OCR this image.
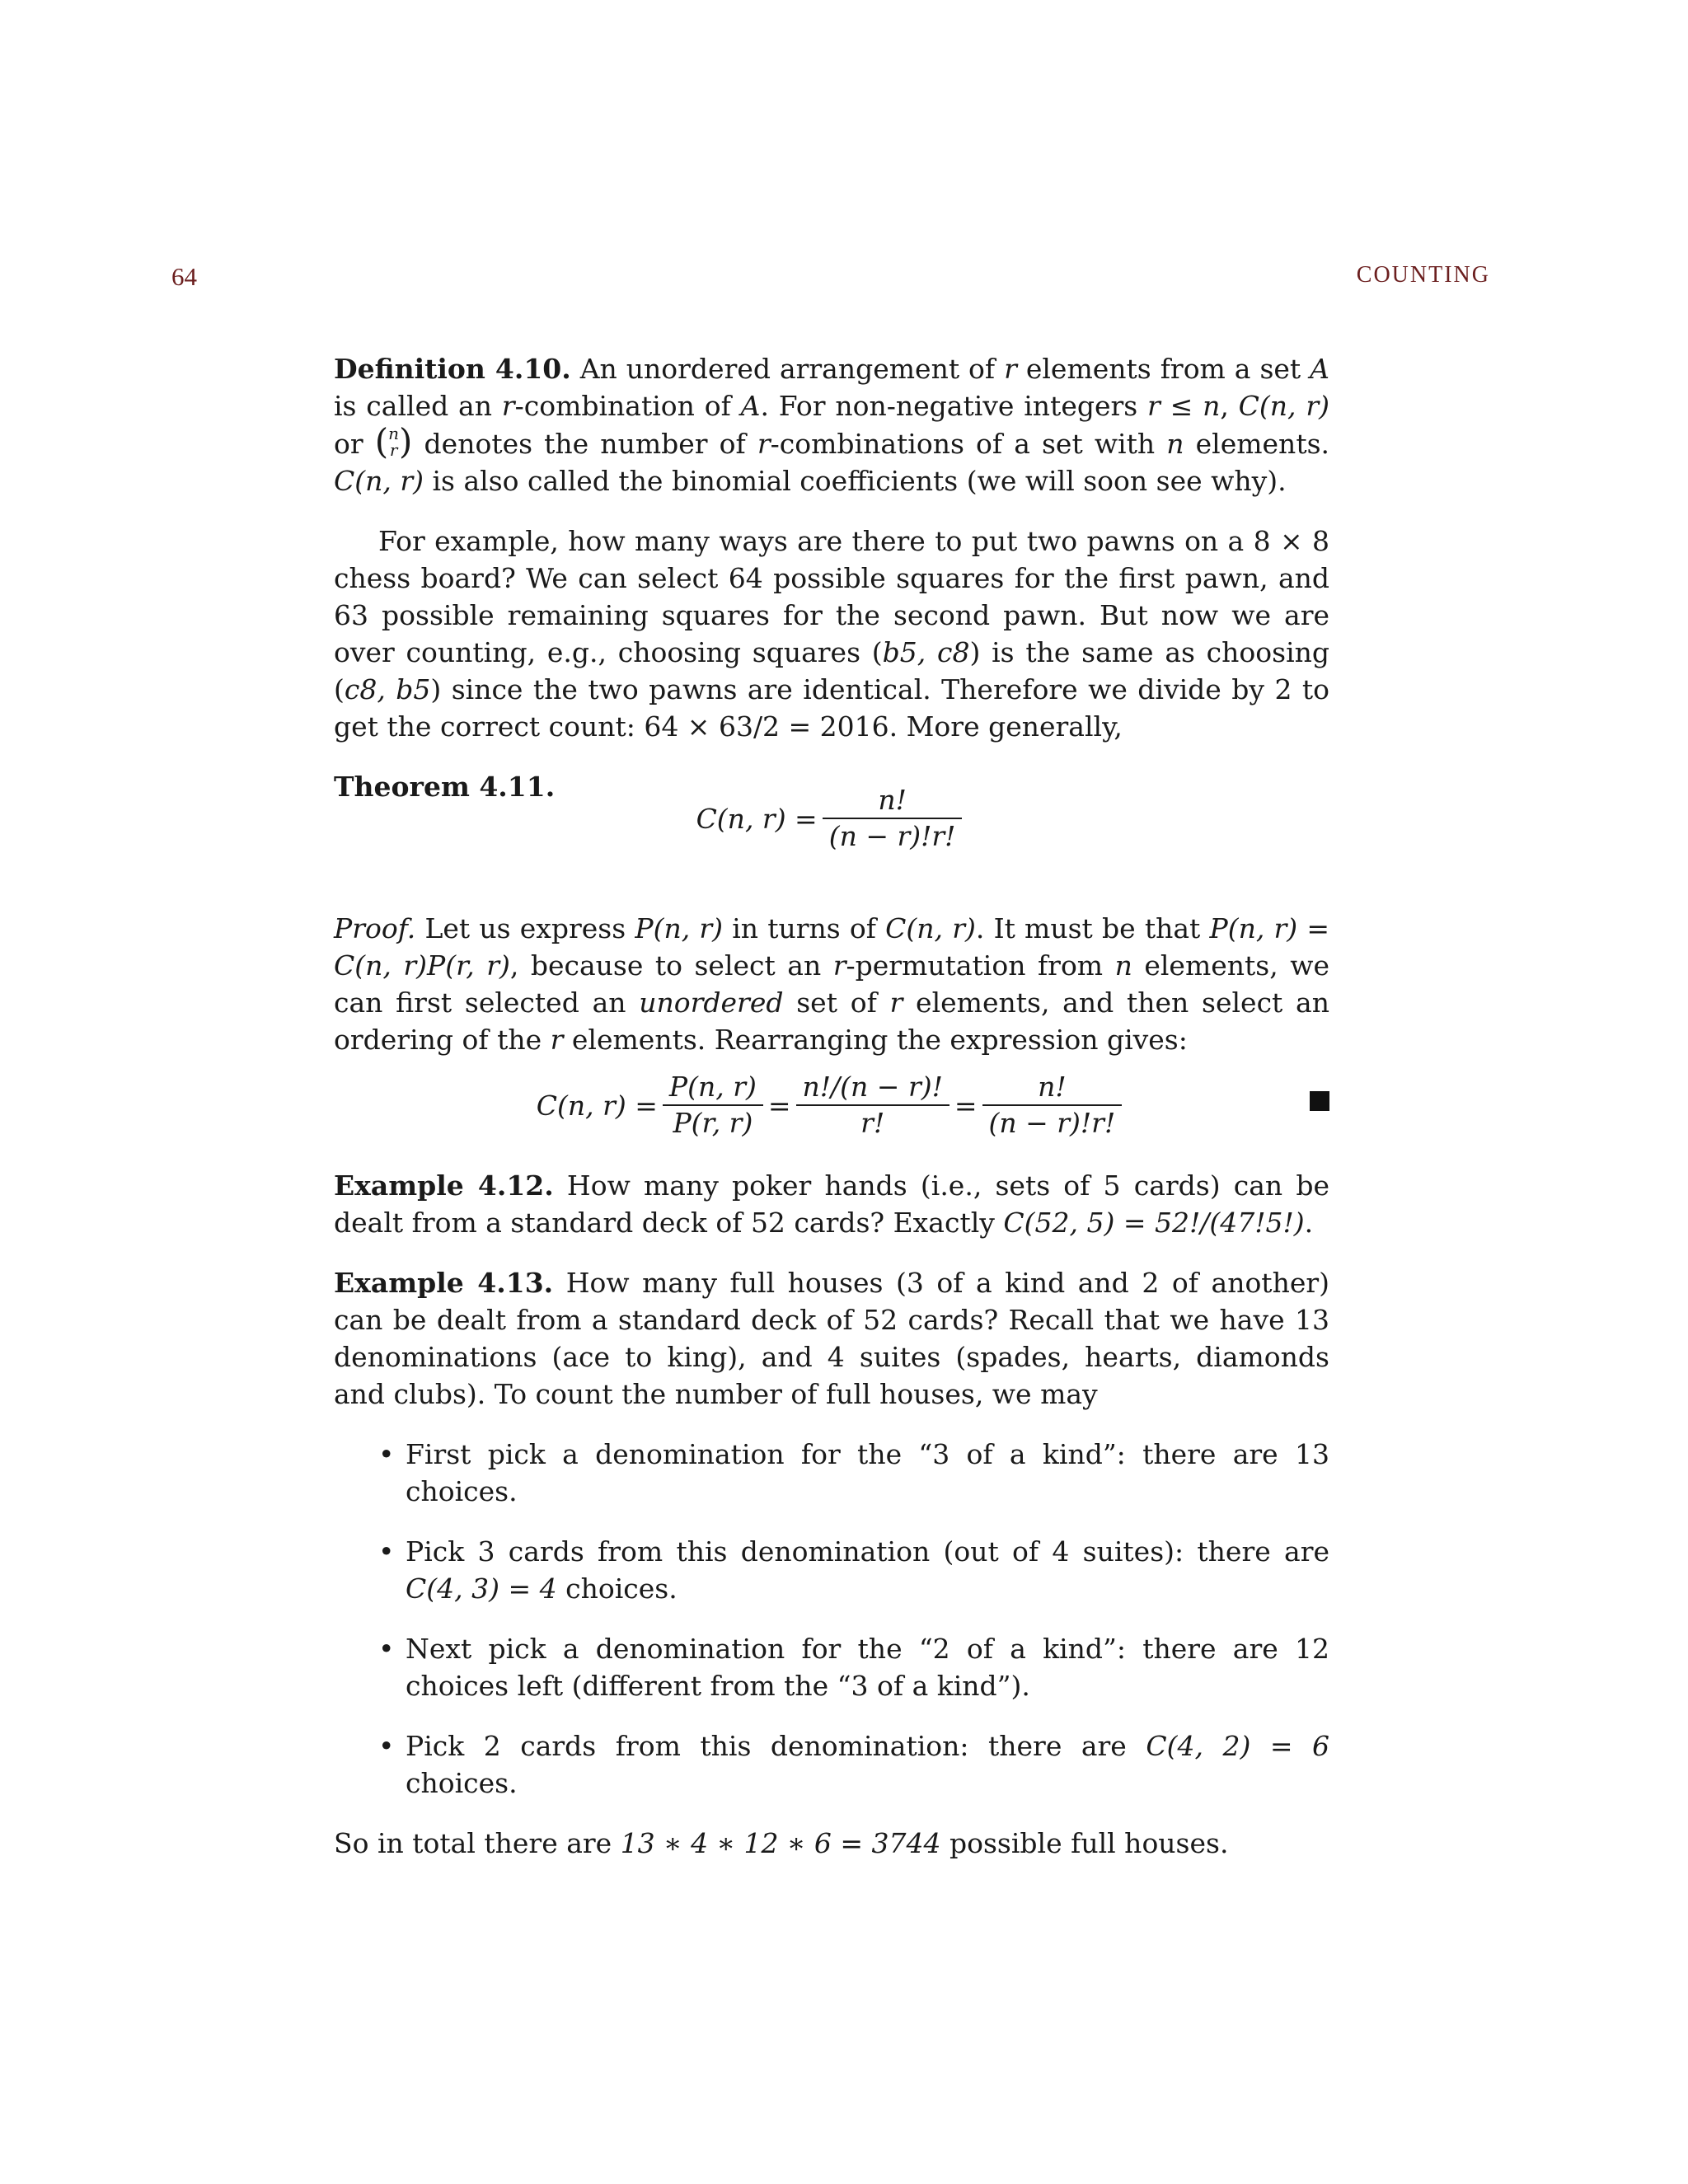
64	COUNTING

Definition 4.10. An unordered arrangement of r elements from a set A is called an r-combination of A. For non-negative integers r ≤ n, C(n, r) or ( n
r ) denotes the number of r-combinations of a set with n elements. C(n, r) is also called the binomial coefficients (we will soon see why).

For example, how many ways are there to put two pawns on a 8 × 8 chess board? We can select 64 possible squares for the first pawn, and 63 possible remaining squares for the second pawn. But now we are over counting, e.g., choosing squares (b5, c8) is the same as choosing (c8, b5) since the two pawns are identical. Therefore we divide by 2 to get the correct count: 64 × 63/2 = 2016. More generally,

Theorem 4.11.
C(n, $r) = \frac{n!}{(n - r)!r!}$

Proof. Let us express P(n, r) in turns of C(n, r). It must be that P(n, r) = C(n, r)P(r, r), because to select an r-permutation from n elements, we can first selected an unordered set of r elements, and then select an ordering of the r elements. Rearranging the expression gives:

C(n, $r) = \frac{P(n, r)}{P(r, r)} = \frac{n!/(n - r)!}{r!} = \frac{n!}{(n - r)!r!}$

Example 4.12. How many poker hands (i.e., sets of 5 cards) can be dealt from a standard deck of 52 cards? Exactly C(52, 5) = 52!/(47!5!).

Example 4.13. How many full houses (3 of a kind and 2 of another) can be dealt from a standard deck of 52 cards? Recall that we have 13 denominations (ace to king), and 4 suites (spades, hearts, diamonds and clubs). To count the number of full houses, we may

• First pick a denomination for the “3 of a kind”: there are 13 choices.
• Pick 3 cards from this denomination (out of 4 suites): there are C(4, 3) = 4 choices.
• Next pick a denomination for the “2 of a kind”: there are 12 choices left (different from the “3 of a kind”).
• Pick 2 cards from this denomination: there are C(4, 2) = 6 choices.

So in total there are 13 ∗ 4 ∗ 12 ∗ 6 = 3744 possible full houses.
